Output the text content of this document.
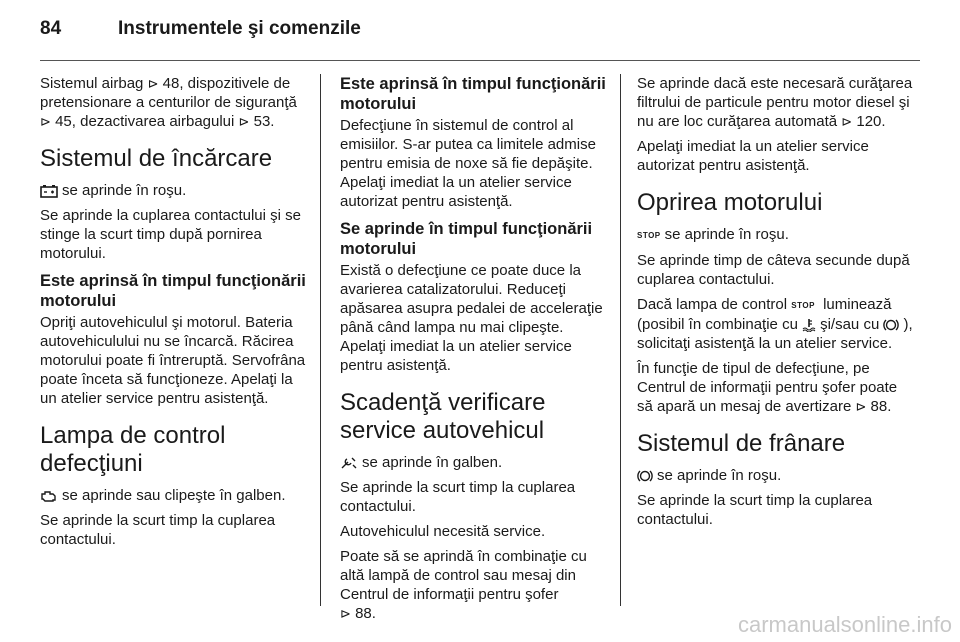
84	Instrumentele şi comenzile

Sistemul airbag ⊳ 48, dispozitivele de pretensionare a centurilor de siguranţă ⊳ 45, dezactivarea airbagului ⊳ 53.

Sistemul de încărcare

se aprinde în roşu.

Se aprinde la cuplarea contactului şi se stinge la scurt timp după pornirea motorului.

Este aprinsă în timpul funcţionării motorului

Opriţi autovehiculul şi motorul. Bateria autovehiculului nu se încarcă. Răcirea motorului poate fi întreruptă. Servofrâna poate înceta să funcţioneze. Apelaţi la un atelier service pentru asistenţă.

Lampa de control defecţiuni

se aprinde sau clipeşte în galben.

Se aprinde la scurt timp la cuplarea contactului.

Este aprinsă în timpul funcţionării motorului

Defecţiune în sistemul de control al emisiilor. S-ar putea ca limitele admise pentru emisia de noxe să fie depăşite. Apelaţi imediat la un atelier service autorizat pentru asistenţă.

Se aprinde în timpul funcţionării motorului

Există o defecţiune ce poate duce la avarierea catalizatorului. Reduceţi apăsarea asupra pedalei de acceleraţie până când lampa nu mai clipeşte. Apelaţi imediat la un atelier service pentru asistenţă.

Scadenţă verificare service autovehicul

se aprinde în galben.

Se aprinde la scurt timp la cuplarea contactului.

Autovehiculul necesită service.

Poate să se aprindă în combinaţie cu altă lampă de control sau mesaj din Centrul de informaţii pentru şofer
⊳ 88.

Se aprinde dacă este necesară curăţarea filtrului de particule pentru motor diesel şi nu are loc curăţarea automată ⊳ 120.

Apelaţi imediat la un atelier service autorizat pentru asistenţă.

Oprirea motorului

STOP se aprinde în roşu.

Se aprinde timp de câteva secunde după cuplarea contactului.

Dacă lampa de control STOP luminează (posibil în combinaţie cu şi/sau cu ), solicitaţi asistenţă la un atelier service.

În funcţie de tipul de defecţiune, pe Centrul de informaţii pentru şofer poate să apară un mesaj de avertizare ⊳ 88.

Sistemul de frânare

se aprinde în roşu.

Se aprinde la scurt timp la cuplarea contactului.

carmanualsonline.info
